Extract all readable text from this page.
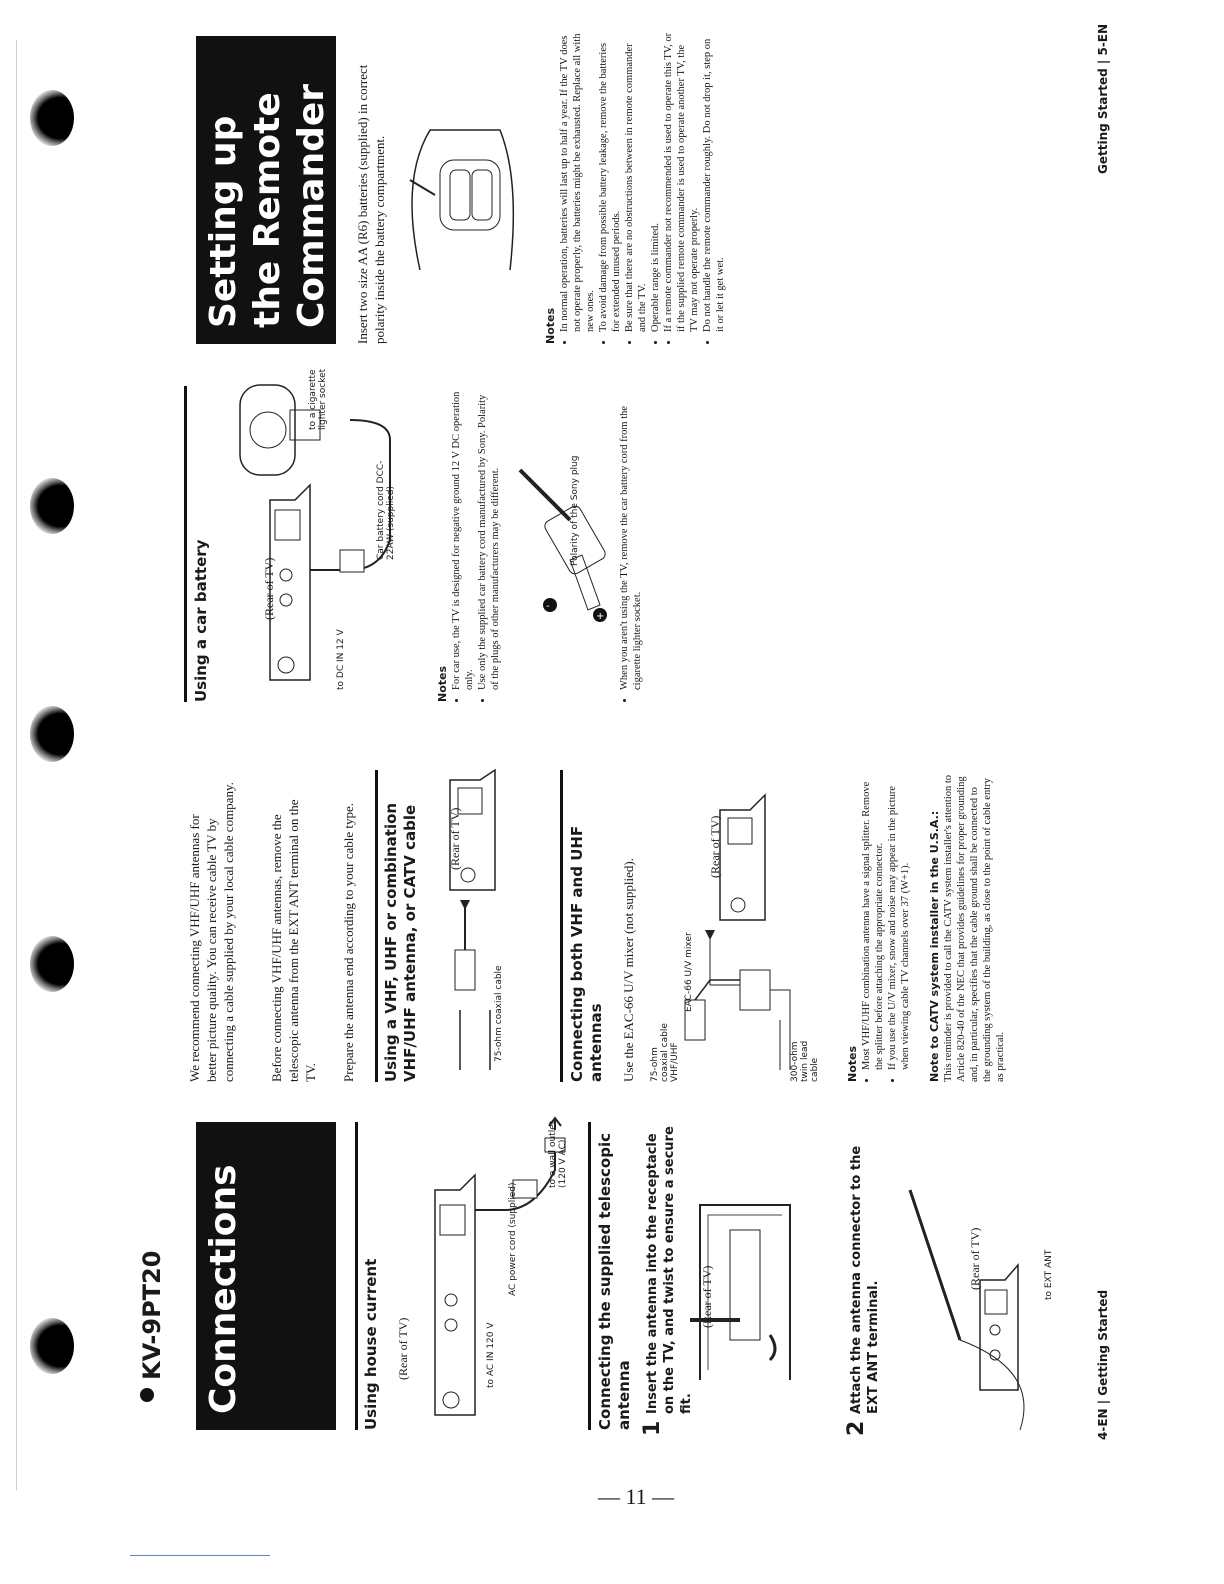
— 11 —
KV-9PT20 Connections	Using house current (Rear of TV)	to AC IN 120 V
AC power cord (supplied)
to a wall outlet (120 V AC) Connecting the supplied telescopic antenna 1
Insert the antenna into the receptacle on the TV, and twist to ensure a secure fit.
(Rear of TV)
2
Attach the antenna connector to the EXT ANT terminal.
(Rear of TV)	to EXT ANT
We recommend connecting VHF/UHF antennas for better picture quality. You can receive cable TV by connecting a cable supplied by your local cable company.	Before connecting VHF/UHF antennas, remove the telescopic antenna from the EXT ANT terminal on the TV. Prepare the antenna end according to your cable type. Using a VHF, UHF or combination VHF/UHF antenna, or CATV cable	75-ohm coaxial cable
(Rear of TV)	Connecting both VHF and UHF antennas Use the EAC-66 U/V mixer (not supplied). 75-ohm coaxial cable VHF/UHF
EAC-66 U/V mixer
300-ohm twin lead cable
(Rear of TV)
Notes • Most VHF/UHF combination antenna have a signal splitter. Remove the splitter before attaching the appropriate connector. • If you use the U/V mixer, snow and noise may appear in the picture when viewing cable TV channels over 37 (W+1). Note to CATV system installer in the U.S.A.: This reminder is provided to call the CATV system installer's attention to Article 820-40 of the NEC that provides guidelines for proper grounding and, in particular, specifies that the cable ground shall be connected to the grounding system of the building, as close to the point of cable entry as practical.
4-EN | Getting Started
Using a car battery	(Rear of TV)
to DC IN 12 V
Car battery cord DCC-22AW (supplied)
to a cigarette lighter socket
Notes • For car use, the TV is designed for negative ground 12 V DC operation only. • Use only the supplied car battery cord manufactured by Sony. Polarity of the plugs of other manufacturers may be different.	+
-
Polarity of the Sony plug	• When you aren't using the TV, remove the car battery cord from the cigarette lighter socket.
Setting up the Remote Commander	Insert two size AA (R6) batteries (supplied) in correct polarity inside the battery compartment.	Notes • In normal operation, batteries will last up to half a year. If the TV does not operate properly, the batteries might be exhausted. Replace all with new ones. • To avoid damage from possible battery leakage, remove the batteries for extended unused periods. • Be sure that there are no obstructions between in remote commander and the TV. • Operable range is limited. • If a remote commander not recommended is used to operate this TV, or if the supplied remote commander is used to operate another TV, the TV may not operate properly. • Do not handle the remote commander roughly. Do not drop it, step on it or let it get wet.
Getting Started | 5-EN
